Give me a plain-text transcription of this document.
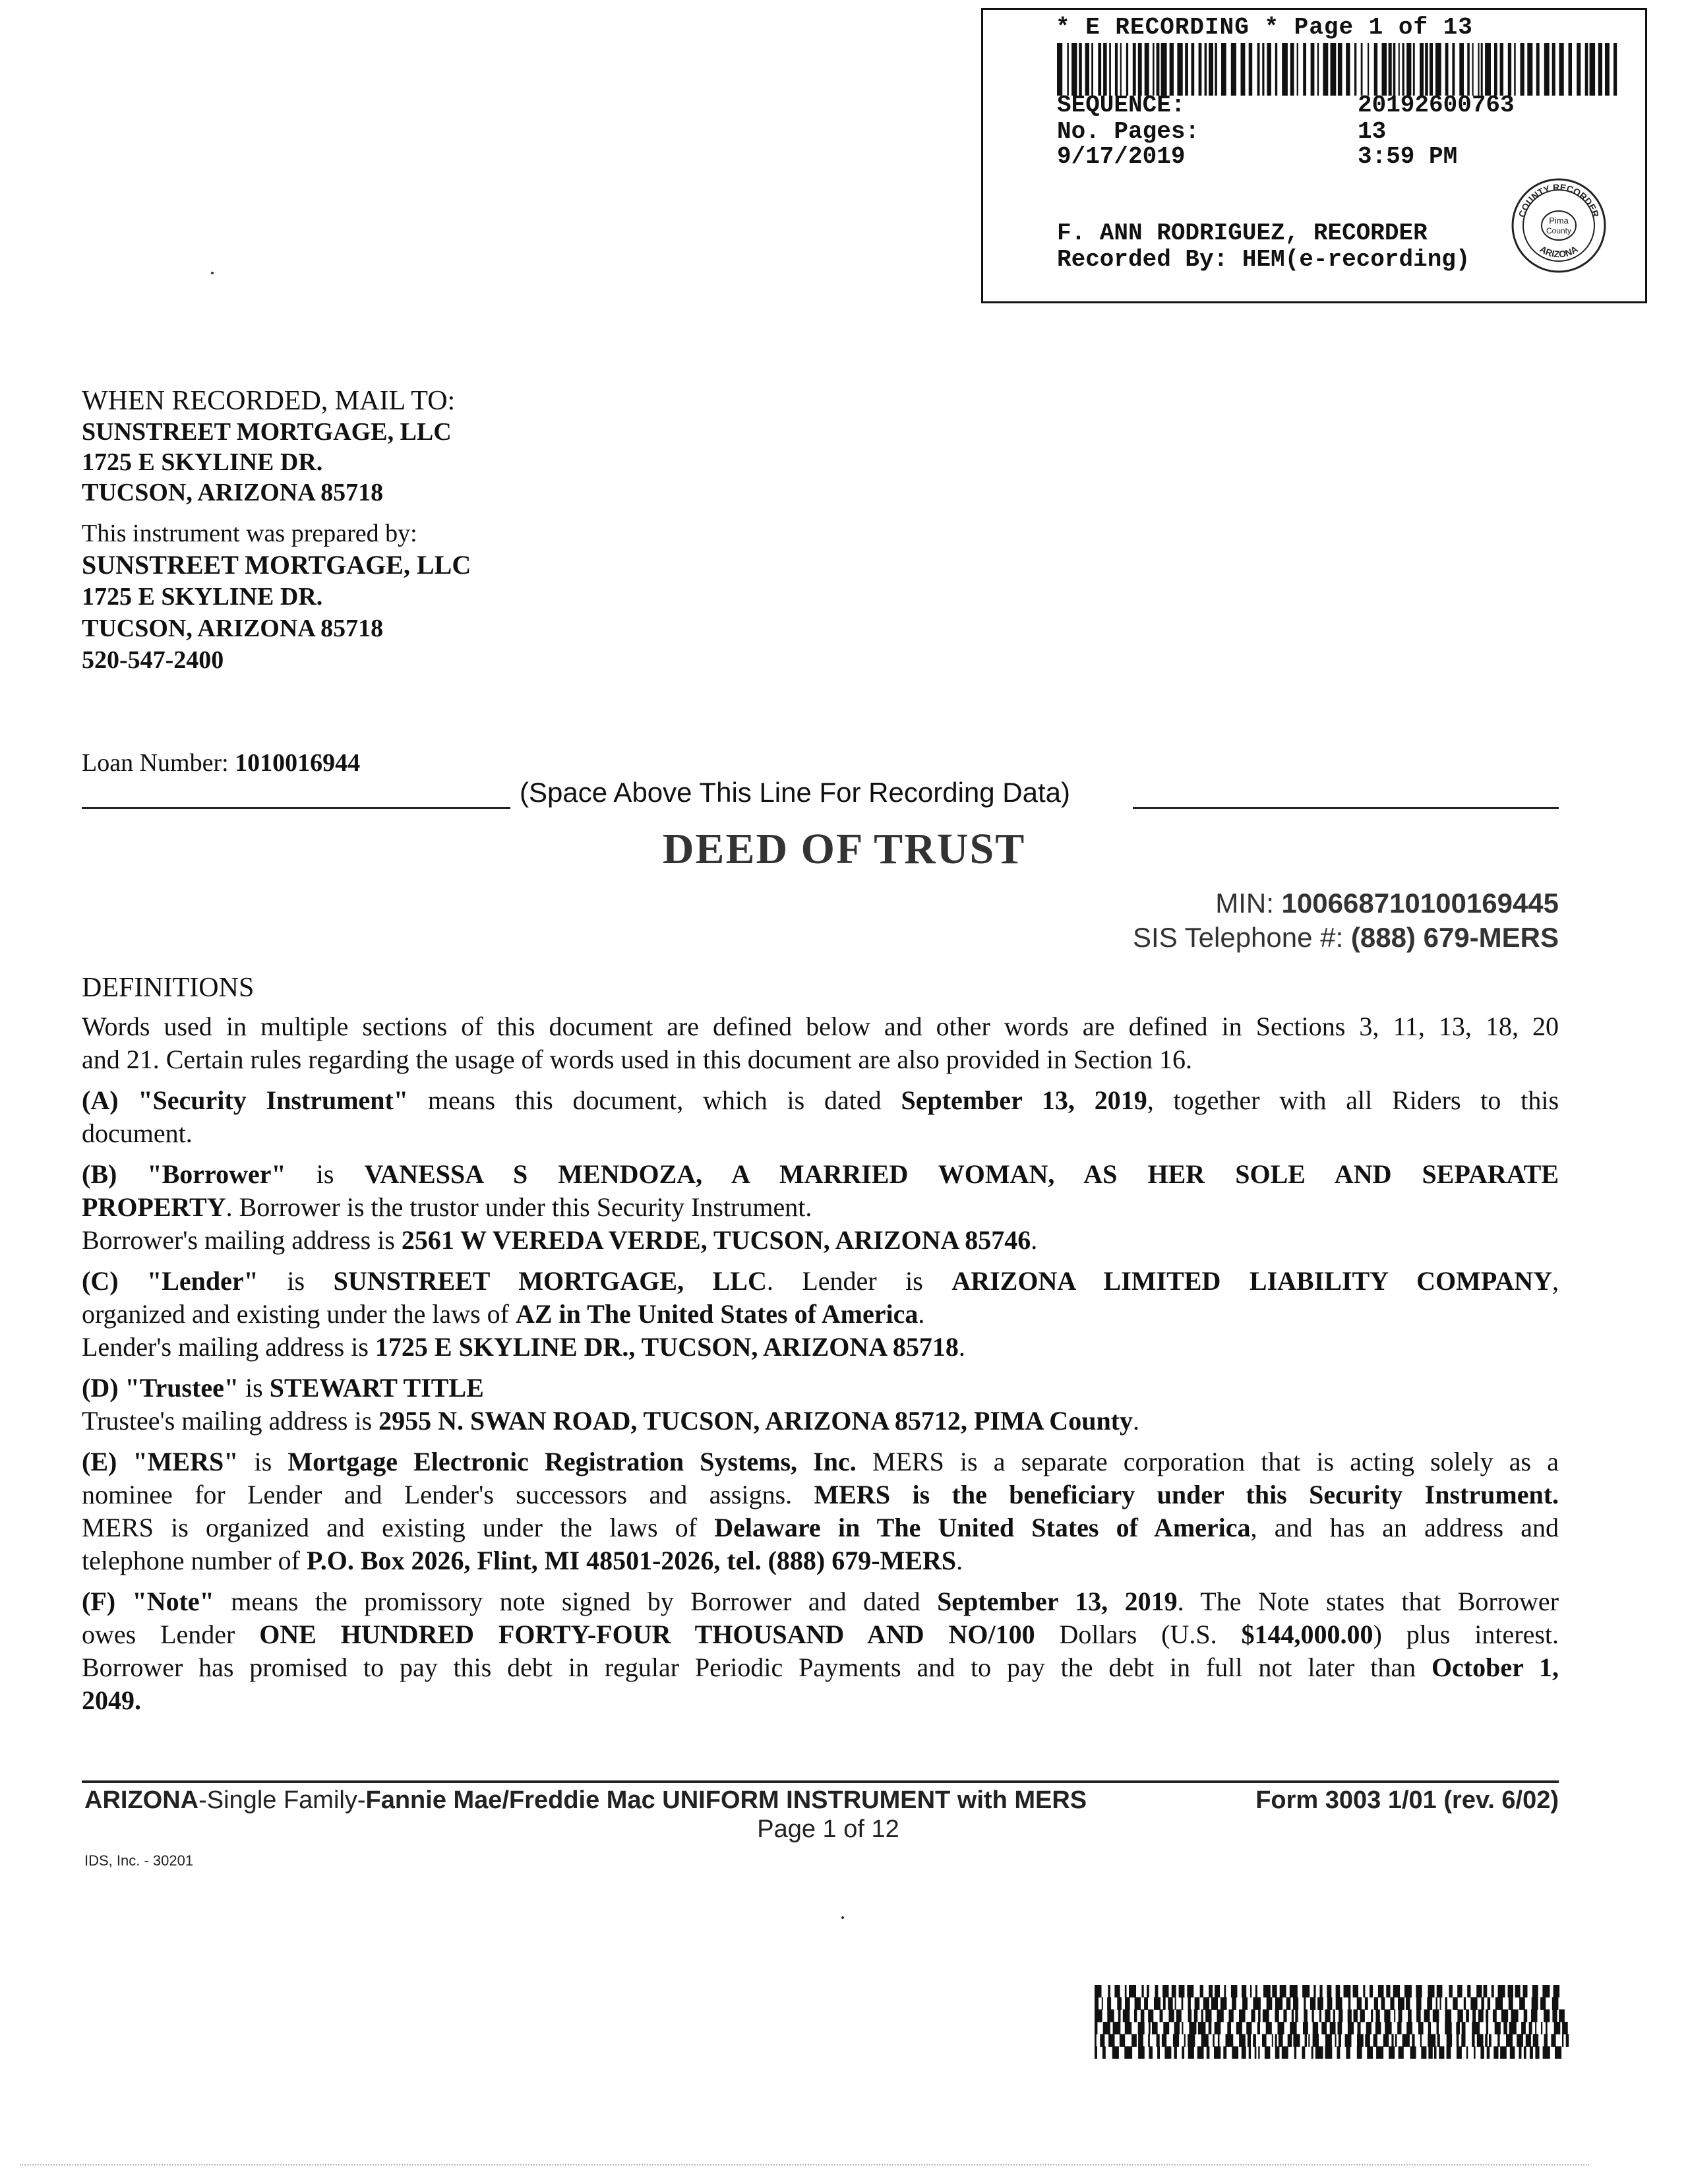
* E RECORDING * Page 1 of 13
SEQUENCE:	20192600763
No. Pages:	13
9/17/2019	3:59 PM
F. ANN RODRIGUEZ, RECORDER
Recorded By: HEM(e-recording)
Pima
County
COUNTY RECORDER
ARIZONA
WHEN RECORDED, MAIL TO:
SUNSTREET MORTGAGE, LLC
1725 E SKYLINE DR.
TUCSON, ARIZONA 85718
This instrument was prepared by:
SUNSTREET MORTGAGE, LLC
1725 E SKYLINE DR.
TUCSON, ARIZONA 85718
520-547-2400
Loan Number: 1010016944
(Space Above This Line For Recording Data)
DEED OF TRUST
MIN: 100668710100169445
SIS Telephone #: (888) 679-MERS
DEFINITIONS

Words used in multiple sections of this document are defined below and other words are defined in Sections 3, 11, 13, 18, 20
and 21. Certain rules regarding the usage of words used in this document are also provided in Section 16.

(A) "Security Instrument" means this document, which is dated September 13, 2019, together with all Riders to this
document.

(B) "Borrower" is VANESSA S MENDOZA, A MARRIED WOMAN, AS HER SOLE AND SEPARATE
PROPERTY. Borrower is the trustor under this Security Instrument.
Borrower's mailing address is 2561 W VEREDA VERDE, TUCSON, ARIZONA 85746.

(C) "Lender" is SUNSTREET MORTGAGE, LLC. Lender is ARIZONA LIMITED LIABILITY COMPANY,
organized and existing under the laws of AZ in The United States of America.
Lender's mailing address is 1725 E SKYLINE DR., TUCSON, ARIZONA 85718.

(D) "Trustee" is STEWART TITLE
Trustee's mailing address is 2955 N. SWAN ROAD, TUCSON, ARIZONA 85712, PIMA County.

(E) "MERS" is Mortgage Electronic Registration Systems, Inc. MERS is a separate corporation that is acting solely as a
nominee for Lender and Lender's successors and assigns. MERS is the beneficiary under this Security Instrument.
MERS is organized and existing under the laws of Delaware in The United States of America, and has an address and
telephone number of P.O. Box 2026, Flint, MI 48501-2026, tel. (888) 679-MERS.

(F) "Note" means the promissory note signed by Borrower and dated September 13, 2019. The Note states that Borrower
owes Lender ONE HUNDRED FORTY-FOUR THOUSAND AND NO/100 Dollars (U.S. $144,000.00) plus interest.
Borrower has promised to pay this debt in regular Periodic Payments and to pay the debt in full not later than October 1,
2049.

ARIZONA-Single Family-Fannie Mae/Freddie Mac UNIFORM INSTRUMENT with MERS	Form 3003 1/01 (rev. 6/02)
Page 1 of 12
IDS, Inc. - 30201
